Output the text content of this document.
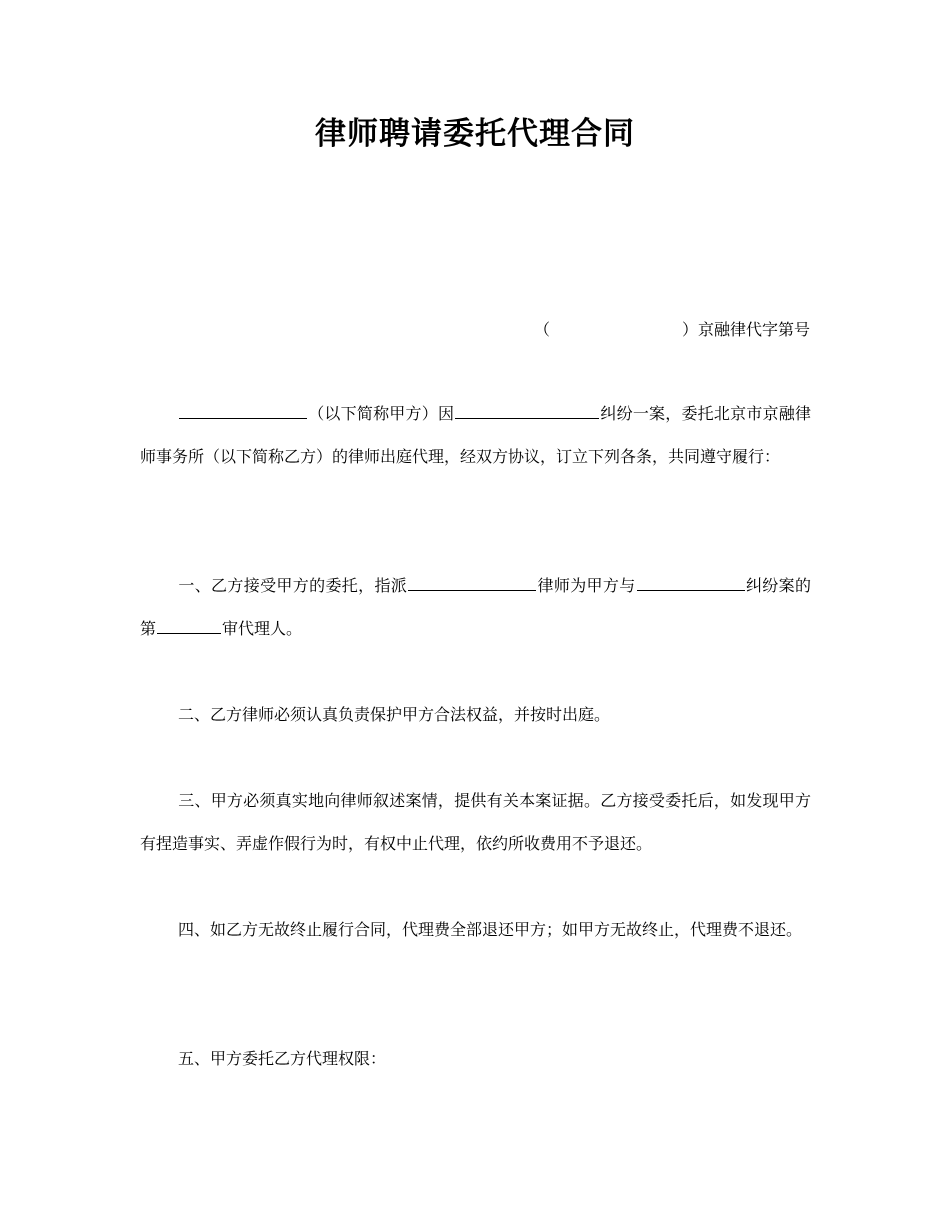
律师聘请委托代理合同
（	）京融律代字第号

（以下简称甲方）因	纠纷一案，委托北京市京融律师事务所（以下简称乙方）的律师出庭代理，经双方协议，订立下列各条，共同遵守履行：

一、乙方接受甲方的委托，指派	律师为甲方与	纠纷案的第	审代理人。

二、乙方律师必须认真负责保护甲方合法权益，并按时出庭。

三、甲方必须真实地向律师叙述案情，提供有关本案证据。乙方接受委托后，如发现甲方有捏造事实、弄虚作假行为时，有权中止代理，依约所收费用不予退还。

四、如乙方无故终止履行合同，代理费全部退还甲方；如甲方无故终止，代理费不退还。

五、甲方委托乙方代理权限：
